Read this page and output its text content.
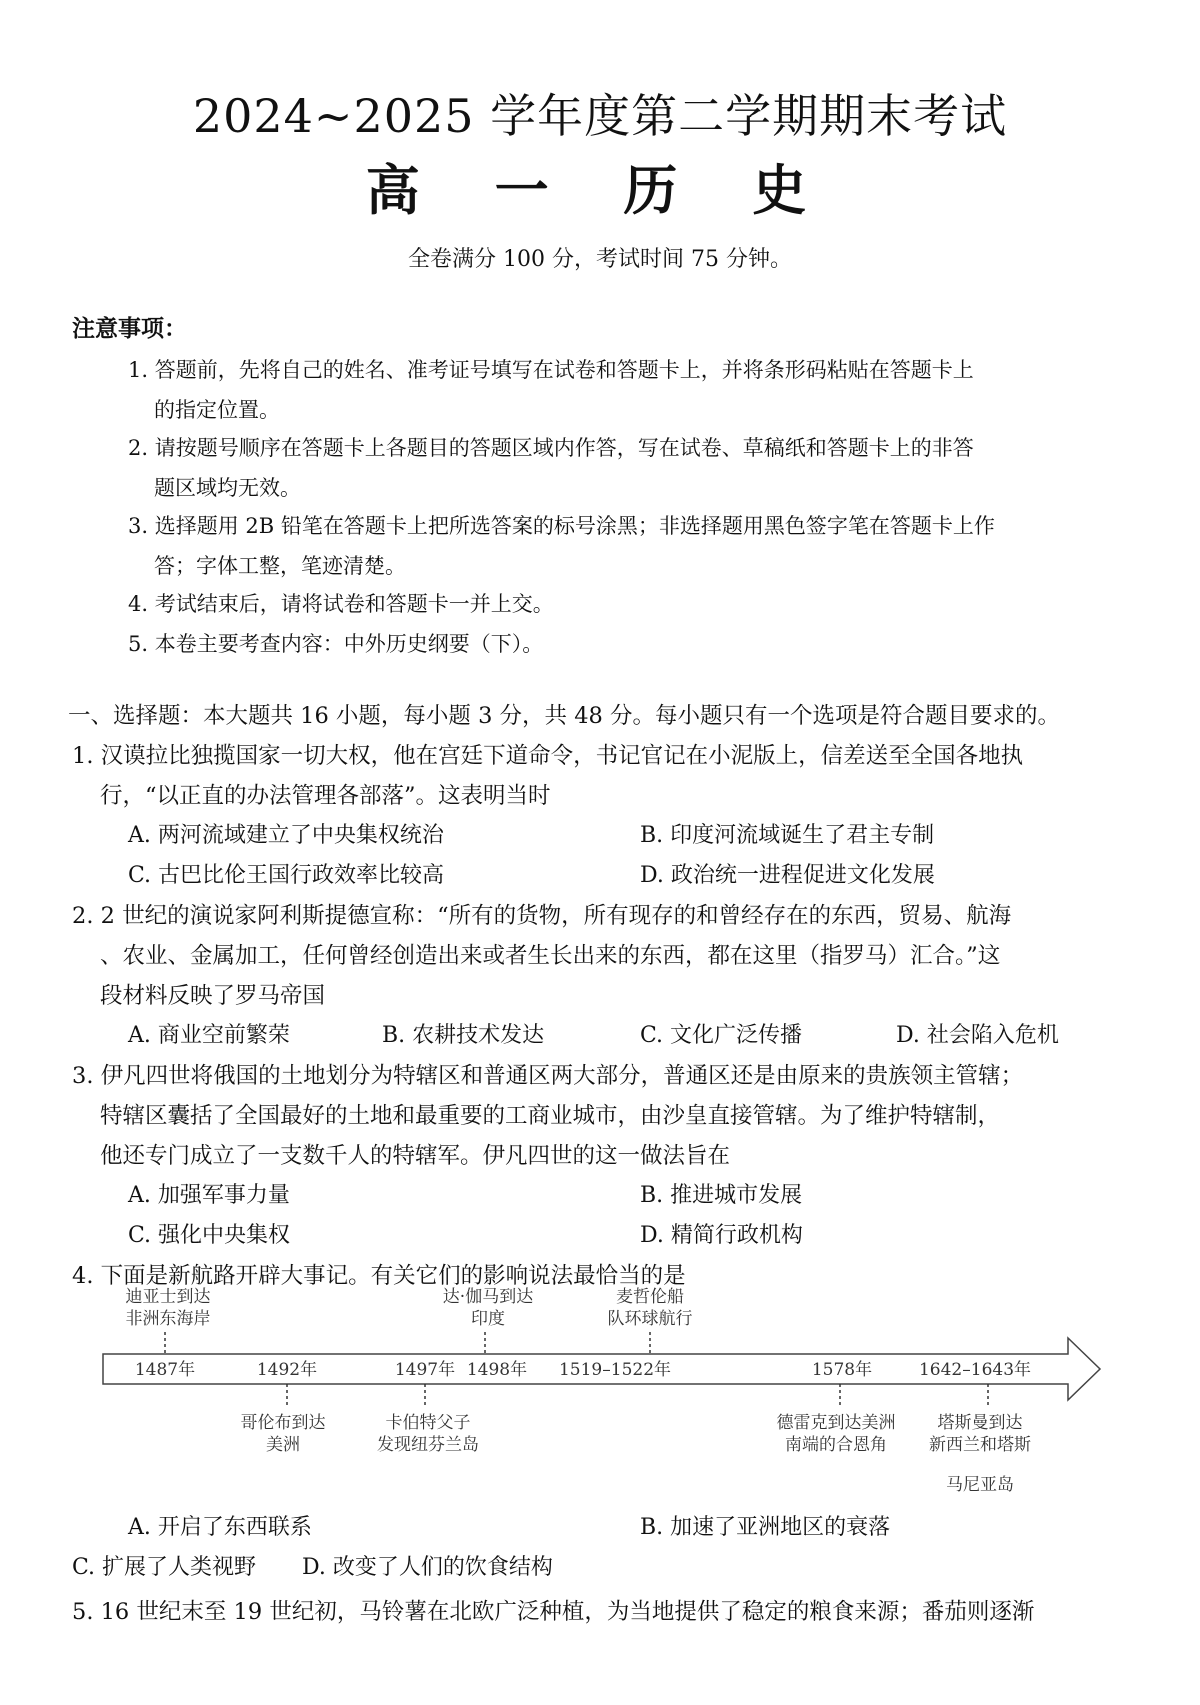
2024~2025 学年度第二学期期末考试
高 一 历 史
全卷满分 100 分，考试时间 75 分钟。
注意事项：
1. 答题前，先将自己的姓名、准考证号填写在试卷和答题卡上，并将条形码粘贴在答题卡上
的指定位置。
2. 请按题号顺序在答题卡上各题目的答题区域内作答，写在试卷、草稿纸和答题卡上的非答
题区域均无效。
3. 选择题用 2B 铅笔在答题卡上把所选答案的标号涂黑；非选择题用黑色签字笔在答题卡上作
答；字体工整，笔迹清楚。
4. 考试结束后，请将试卷和答题卡一并上交。
5. 本卷主要考查内容：中外历史纲要（下）。
一、选择题：本大题共 16 小题，每小题 3 分，共 48 分。每小题只有一个选项是符合题目要求的。
1. 汉谟拉比独揽国家一切大权，他在宫廷下道命令，书记官记在小泥版上，信差送至全国各地执
行，“以正直的办法管理各部落”。这表明当时
A. 两河流域建立了中央集权统治	B. 印度河流域诞生了君主专制
C. 古巴比伦王国行政效率比较高	D. 政治统一进程促进文化发展
2. 2 世纪的演说家阿利斯提德宣称：“所有的货物，所有现存的和曾经存在的东西，贸易、航海
、农业、金属加工，任何曾经创造出来或者生长出来的东西，都在这里（指罗马）汇合。”这
段材料反映了罗马帝国
A. 商业空前繁荣	B. 农耕技术发达	C. 文化广泛传播	D. 社会陷入危机
3. 伊凡四世将俄国的土地划分为特辖区和普通区两大部分，普通区还是由原来的贵族领主管辖；
特辖区囊括了全国最好的土地和最重要的工商业城市，由沙皇直接管辖。为了维护特辖制，
他还专门成立了一支数千人的特辖军。伊凡四世的这一做法旨在
A. 加强军事力量	B. 推进城市发展
C. 强化中央集权	D. 精简行政机构
4. 下面是新航路开辟大事记。有关它们的影响说法最恰当的是
1487年	1492年	1497年 1498年 1519–1522年	1578年	1642–1643年
迪亚士到达
非洲东海岸
达·伽马到达
印度
麦哲伦船
队环球航行
哥伦布到达
美洲
卡伯特父子
发现纽芬兰岛
德雷克到达美洲
南端的合恩角
塔斯曼到达
新西兰和塔斯
马尼亚岛
A. 开启了东西联系	B. 加速了亚洲地区的衰落
C. 扩展了人类视野 D. 改变了人们的饮食结构
5. 16 世纪末至 19 世纪初，马铃薯在北欧广泛种植，为当地提供了稳定的粮食来源；番茄则逐渐
